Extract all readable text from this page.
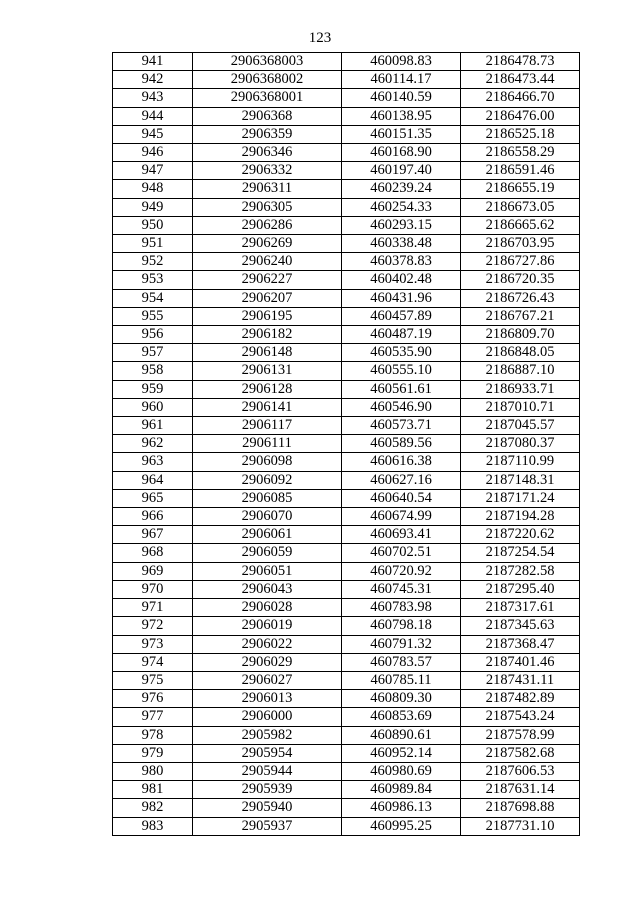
123
941	2906368003	460098.83	2186478.73
942	2906368002	460114.17	2186473.44
943	2906368001	460140.59	2186466.70
944	2906368	460138.95	2186476.00
945	2906359	460151.35	2186525.18
946	2906346	460168.90	2186558.29
947	2906332	460197.40	2186591.46
948	2906311	460239.24	2186655.19
949	2906305	460254.33	2186673.05
950	2906286	460293.15	2186665.62
951	2906269	460338.48	2186703.95
952	2906240	460378.83	2186727.86
953	2906227	460402.48	2186720.35
954	2906207	460431.96	2186726.43
955	2906195	460457.89	2186767.21
956	2906182	460487.19	2186809.70
957	2906148	460535.90	2186848.05
958	2906131	460555.10	2186887.10
959	2906128	460561.61	2186933.71
960	2906141	460546.90	2187010.71
961	2906117	460573.71	2187045.57
962	2906111	460589.56	2187080.37
963	2906098	460616.38	2187110.99
964	2906092	460627.16	2187148.31
965	2906085	460640.54	2187171.24
966	2906070	460674.99	2187194.28
967	2906061	460693.41	2187220.62
968	2906059	460702.51	2187254.54
969	2906051	460720.92	2187282.58
970	2906043	460745.31	2187295.40
971	2906028	460783.98	2187317.61
972	2906019	460798.18	2187345.63
973	2906022	460791.32	2187368.47
974	2906029	460783.57	2187401.46
975	2906027	460785.11	2187431.11
976	2906013	460809.30	2187482.89
977	2906000	460853.69	2187543.24
978	2905982	460890.61	2187578.99
979	2905954	460952.14	2187582.68
980	2905944	460980.69	2187606.53
981	2905939	460989.84	2187631.14
982	2905940	460986.13	2187698.88
983	2905937	460995.25	2187731.10
